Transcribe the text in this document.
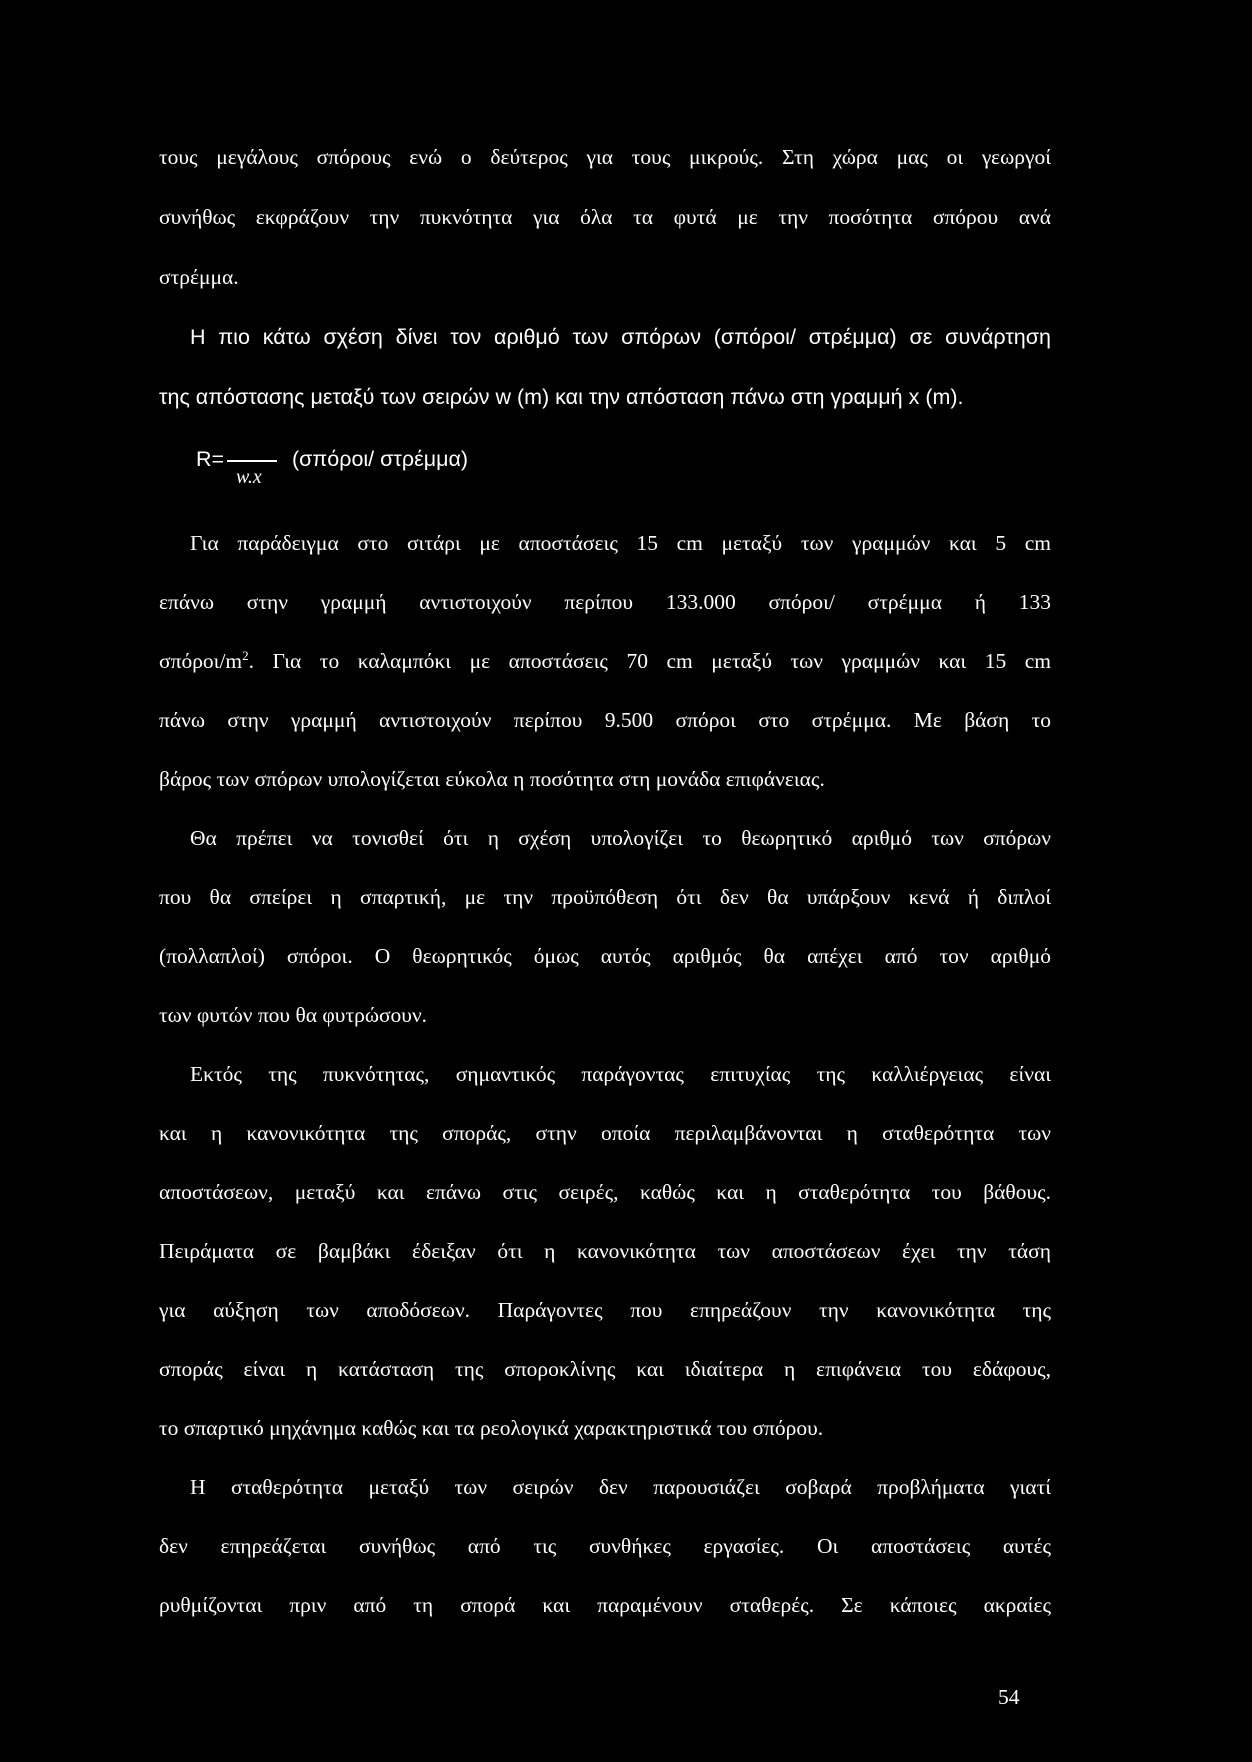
τους μεγάλους σπόρους ενώ ο δεύτερος για τους μικρούς. Στη χώρα μας οι γεωργοί
συνήθως εκφράζουν την πυκνότητα για όλα τα φυτά με την ποσότητα σπόρου ανά
στρέμμα.
Η πιο κάτω σχέση δίνει τον αριθμό των σπόρων (σπόροι/ στρέμμα) σε συνάρτηση
της απόστασης μεταξύ των σειρών w (m) και την απόσταση πάνω στη γραμμή x (m).
R=
w.x
(σπόροι/ στρέμμα)
Για παράδειγμα στο σιτάρι με αποστάσεις 15 cm μεταξύ των γραμμών και 5 cm
επάνω στην γραμμή αντιστοιχούν περίπου 133.000 σπόροι/ στρέμμα ή 133
σπόροι/$m^2$. Για το καλαμπόκι με αποστάσεις 70 cm μεταξύ των γραμμών και 15 cm
πάνω στην γραμμή αντιστοιχούν περίπου 9.500 σπόροι στο στρέμμα. Με βάση το
βάρος των σπόρων υπολογίζεται εύκολα η ποσότητα στη μονάδα επιφάνειας.
Θα πρέπει να τονισθεί ότι η σχέση υπολογίζει το θεωρητικό αριθμό των σπόρων
που θα σπείρει η σπαρτική, με την προϋπόθεση ότι δεν θα υπάρξουν κενά ή διπλοί
(πολλαπλοί) σπόροι. Ο θεωρητικός όμως αυτός αριθμός θα απέχει από τον αριθμό
των φυτών που θα φυτρώσουν.
Εκτός της πυκνότητας, σημαντικός παράγοντας επιτυχίας της καλλιέργειας είναι
και η κανονικότητα της σποράς, στην οποία περιλαμβάνονται η σταθερότητα των
αποστάσεων, μεταξύ και επάνω στις σειρές, καθώς και η σταθερότητα του βάθους.
Πειράματα σε βαμβάκι έδειξαν ότι η κανονικότητα των αποστάσεων έχει την τάση
για αύξηση των αποδόσεων. Παράγοντες που επηρεάζουν την κανονικότητα της
σποράς είναι η κατάσταση της σποροκλίνης και ιδιαίτερα η επιφάνεια του εδάφους,
το σπαρτικό μηχάνημα καθώς και τα ρεολογικά χαρακτηριστικά του σπόρου.
Η σταθερότητα μεταξύ των σειρών δεν παρουσιάζει σοβαρά προβλήματα γιατί
δεν επηρεάζεται συνήθως από τις συνθήκες εργασίες. Οι αποστάσεις αυτές
ρυθμίζονται πριν από τη σπορά και παραμένουν σταθερές. Σε κάποιες ακραίες
54
